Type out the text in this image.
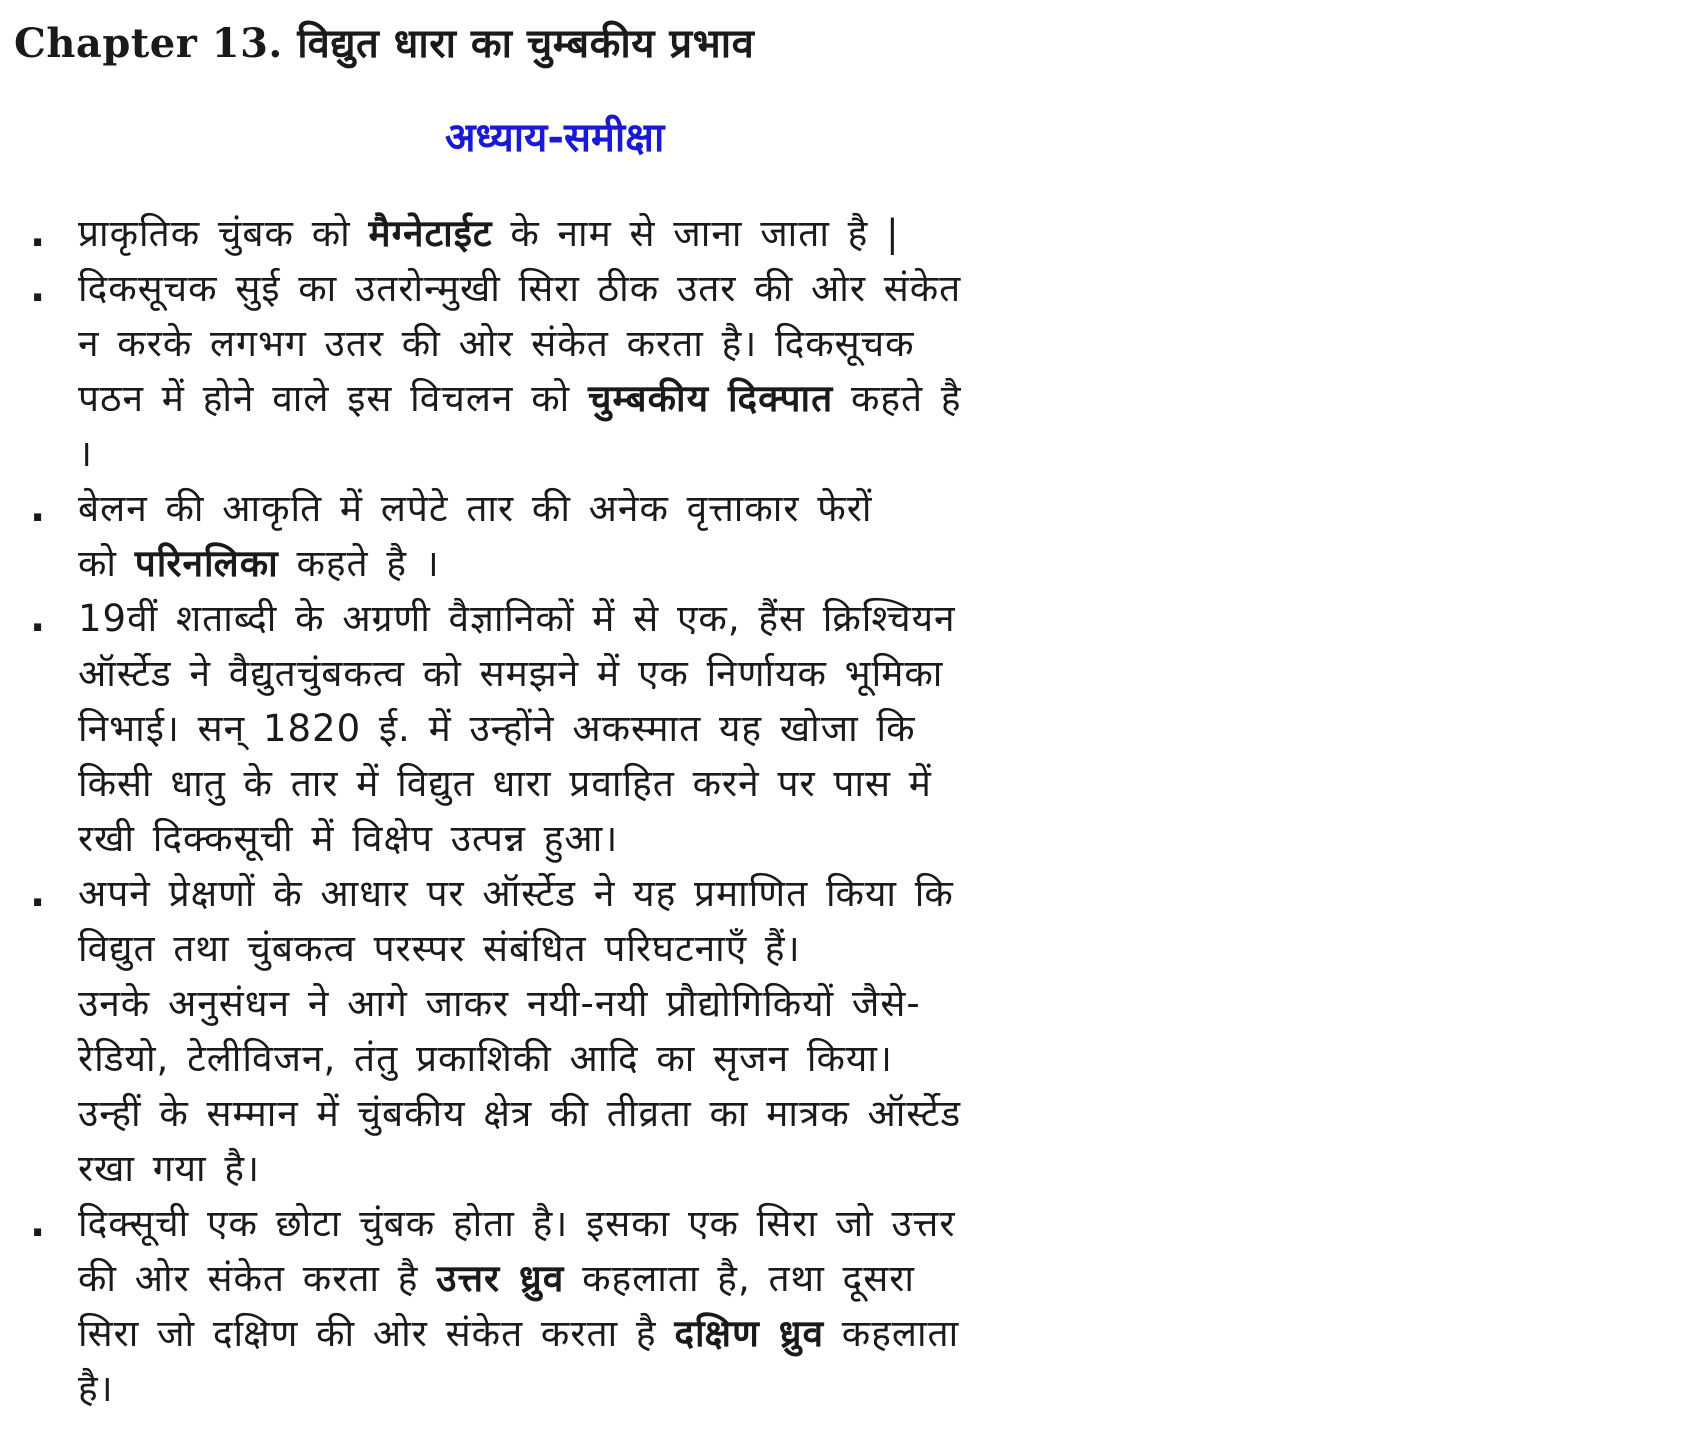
Chapter 13. विद्युत धारा का चुम्बकीय प्रभाव
अध्याय-समीक्षा
. प्राकृतिक चुंबक को मैग्नेटाईट के नाम से जाना जाता है |
. दिकसूचक सुई का उतरोन्मुखी सिरा ठीक उतर की ओर संकेत
न करके लगभग उतर की ओर संकेत करता है। दिकसूचक
पठन में होने वाले इस विचलन को चुम्बकीय दिक्पात कहते है
।
. बेलन की आकृति में लपेटे तार की अनेक वृत्ताकार फेरों
को परिनलिका कहते है ।
. 19वीं शताब्दी के अग्रणी वैज्ञानिकों में से एक, हैंस क्रिश्चियन
ऑर्स्टेड ने वैद्युतचुंबकत्व को समझने में एक निर्णायक भूमिका
निभाई। सन् 1820 ई. में उन्होंने अकस्मात यह खोजा कि
किसी धातु के तार में विद्युत धारा प्रवाहित करने पर पास में
रखी दिक्कसूची में विक्षेप उत्पन्न हुआ।
. अपने प्रेक्षणों के आधार पर ऑर्स्टेड ने यह प्रमाणित किया कि
विद्युत तथा चुंबकत्व परस्पर संबंधित परिघटनाएँ हैं।
उनके अनुसंधन ने आगे जाकर नयी-नयी प्रौद्योगिकियों जैसे-
रेडियो, टेलीविजन, तंतु प्रकाशिकी आदि का सृजन किया।
उन्हीं के सम्मान में चुंबकीय क्षेत्र की तीव्रता का मात्रक ऑर्स्टेड
रखा गया है।
. दिक्सूची एक छोटा चुंबक होता है। इसका एक सिरा जो उत्तर
की ओर संकेत करता है उत्तर ध्रुव कहलाता है, तथा दूसरा
सिरा जो दक्षिण की ओर संकेत करता है दक्षिण ध्रुव कहलाता
है।
